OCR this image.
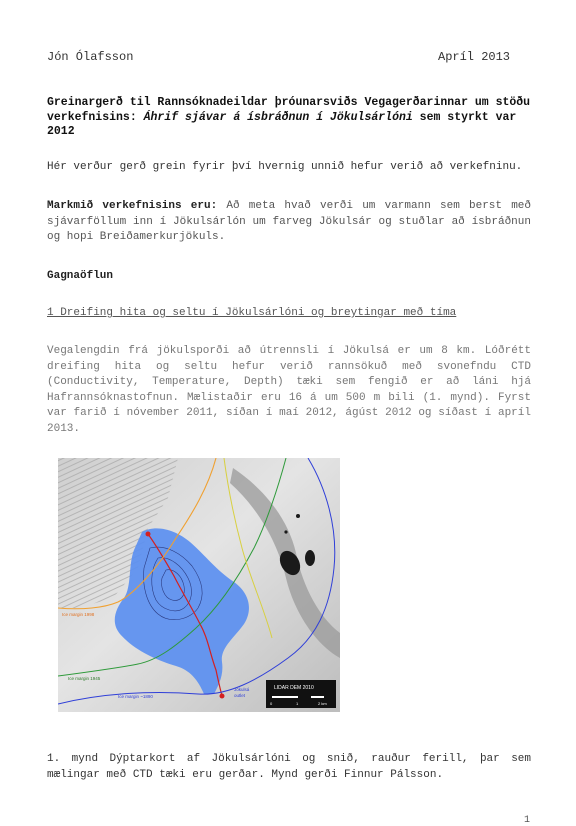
Jón Ólafsson	Apríl 2013
Greinargerð til Rannsóknadeildar þróunarsviðs Vegagerðarinnar um stöðu verkefnisins: Áhrif sjávar á ísbráðnun í Jökulsárlóni sem styrkt var 2012
Hér verður gerð grein fyrir því hvernig unnið hefur verið að verkefninu.
Markmið verkefnisins eru: Að meta hvað verði um varmann sem berst með sjávarföllum inn í Jökulsárlón um farveg Jökulsár og stuðlar að ísbráðnun og hopi Breiðamerkurjökuls.
Gagnaöflun
1 Dreifing hita og seltu í Jökulsárlóni og breytingar með tíma
Vegalengdin frá jökulsporði að útrennsli í Jökulsá er um 8 km. Lóðrétt dreifing hita og seltu hefur verið rannsökuð með svonefndu CTD (Conductivity, Temperature, Depth) tæki sem fengið er að láni hjá Hafrannsóknastofnun. Mælistaðir eru 16 á um 500 m bili (1. mynd). Fyrst var farið í nóvember 2011, síðan í maí 2012, ágúst 2012 og síðast í apríl 2013.
Ice margin 1998
Ice margin 1945
Ice margin ~1890
Jökulsá
outlet
LIDAR DEM 2010
0	1	2 km
1. mynd Dýptarkort af Jökulsárlóni og snið, rauður ferill, þar sem mælingar með CTD tæki eru gerðar. Mynd gerði Finnur Pálsson.
1
